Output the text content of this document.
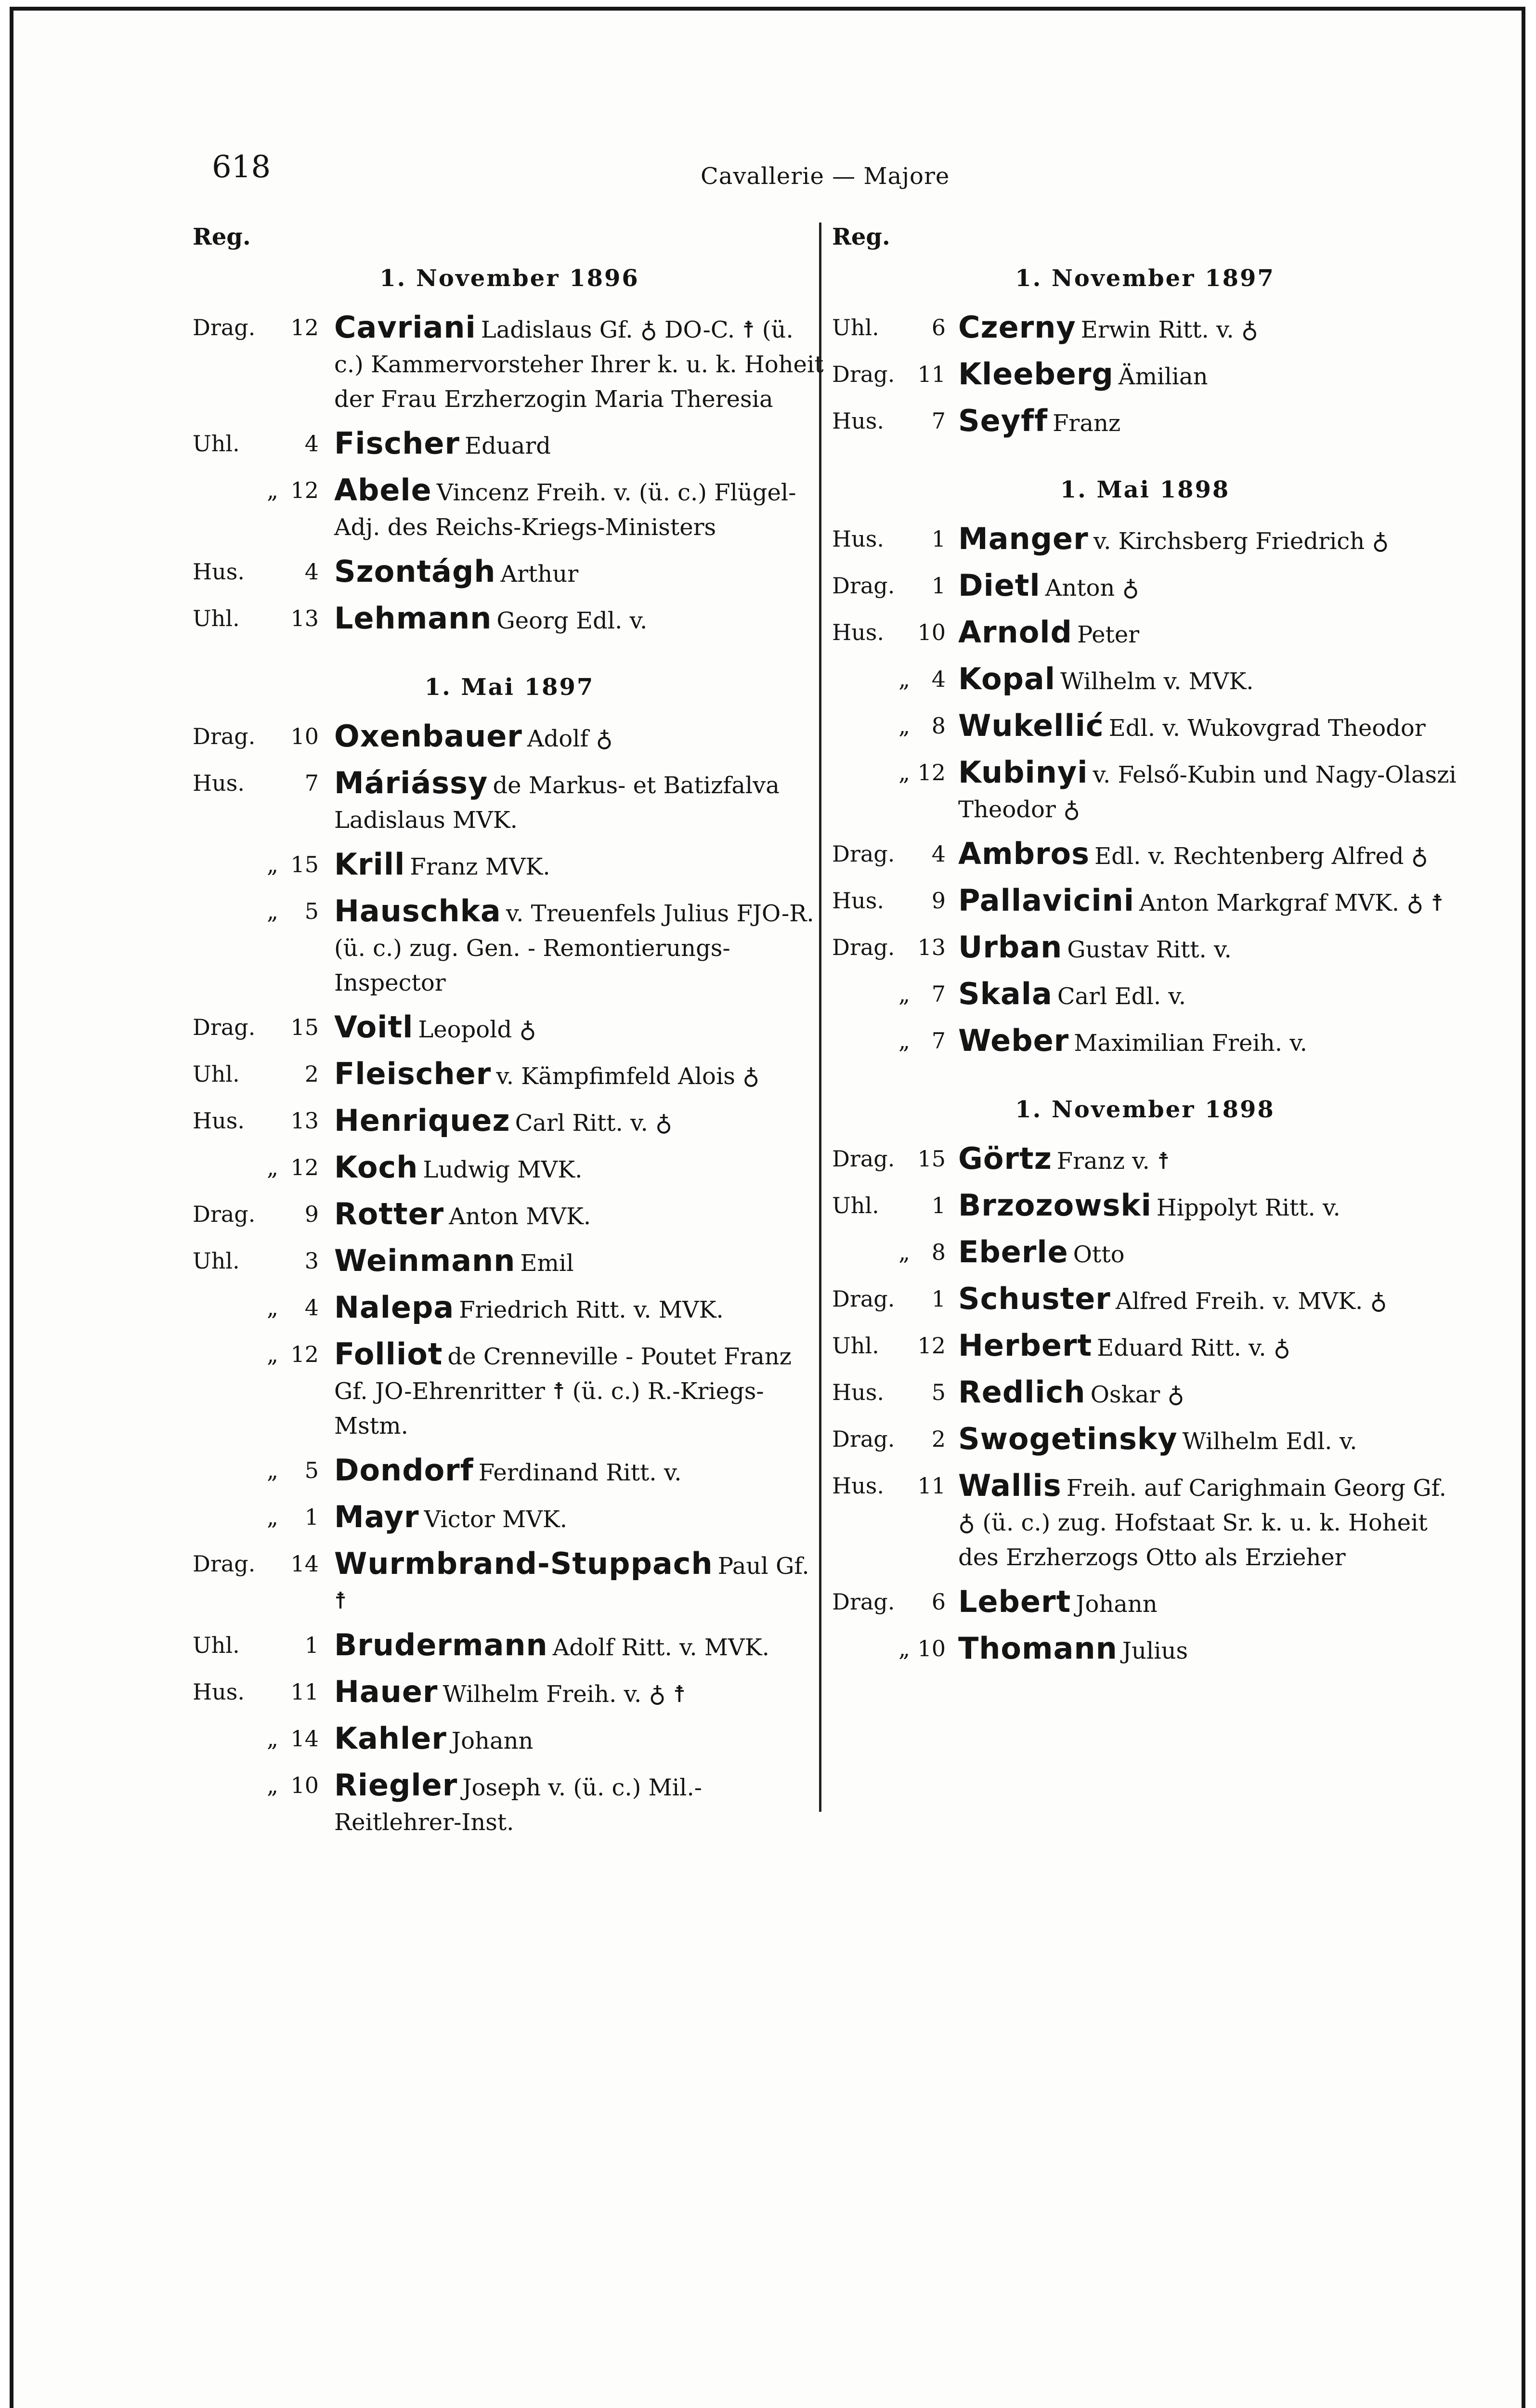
618	Cavallerie — Majore
Reg.
1. November 1896
Drag.	12 Cavriani Ladislaus Gf. ♁ DO-C. ☨ (ü. c.) Kammervorsteher Ihrer k. u. k. Hoheit der Frau Erzherzogin Maria Theresia
Uhl.	4 Fischer Eduard
„ 12 Abele Vincenz Freih. v. (ü. c.) Flügel-Adj. des Reichs-Kriegs-Ministers
Hus.	4 Szontágh Arthur
Uhl.	13 Lehmann Georg Edl. v.
1. Mai 1897
Drag.	10 Oxenbauer Adolf ♁
Hus.	7 Máriássy de Markus- et Batizfalva Ladislaus MVK.
„ 15 Krill Franz MVK.
„	5 Hauschka v. Treuenfels Julius FJO-R. (ü. c.) zug. Gen. - Remontierungs-Inspector
Drag.	15 Voitl Leopold ♁
Uhl.	2 Fleischer v. Kämpfimfeld Alois ♁
Hus.	13 Henriquez Carl Ritt. v. ♁
„ 12 Koch Ludwig MVK.
Drag.	9 Rotter Anton MVK.
Uhl.	3 Weinmann Emil
„	4 Nalepa Friedrich Ritt. v. MVK.
„ 12 Folliot de Crenneville - Poutet Franz Gf. JO-Ehrenritter ☨ (ü. c.) R.-Kriegs-Mstm.
„	5 Dondorf Ferdinand Ritt. v.
„	1 Mayr Victor MVK.
Drag.	14 Wurmbrand-Stuppach Paul Gf. ☨
Uhl.	1 Brudermann Adolf Ritt. v. MVK.
Hus.	11 Hauer Wilhelm Freih. v. ♁ ☨
„ 14 Kahler Johann
„ 10 Riegler Joseph v. (ü. c.) Mil.-Reitlehrer-Inst.
Reg.
1. November 1897
Uhl.	6 Czerny Erwin Ritt. v. ♁
Drag.	11 Kleeberg Ämilian
Hus.	7 Seyff Franz
1. Mai 1898
Hus.	1 Manger v. Kirchsberg Friedrich ♁
Drag.	1 Dietl Anton ♁
Hus.	10 Arnold Peter
„ 4 Kopal Wilhelm v. MVK.
„ 8 Wukellić Edl. v. Wukovgrad Theodor
„ 12 Kubinyi v. Felső-Kubin und Nagy-Olaszi Theodor ♁
Drag.	4 Ambros Edl. v. Rechtenberg Alfred ♁
Hus.	9 Pallavicini Anton Markgraf MVK. ♁ ☨
Drag.	13 Urban Gustav Ritt. v.
„ 7 Skala Carl Edl. v.
„ 7 Weber Maximilian Freih. v.
1. November 1898
Drag.	15 Görtz Franz v. ☨
Uhl.	1 Brzozowski Hippolyt Ritt. v.
„ 8 Eberle Otto
Drag.	1 Schuster Alfred Freih. v. MVK. ♁
Uhl.	12 Herbert Eduard Ritt. v. ♁
Hus.	5 Redlich Oskar ♁
Drag.	2 Swogetinsky Wilhelm Edl. v.
Hus.	11 Wallis Freih. auf Carighmain Georg Gf. ♁ (ü. c.) zug. Hofstaat Sr. k. u. k. Hoheit des Erzherzogs Otto als Erzieher
Drag.	6 Lebert Johann
„ 10 Thomann Julius
